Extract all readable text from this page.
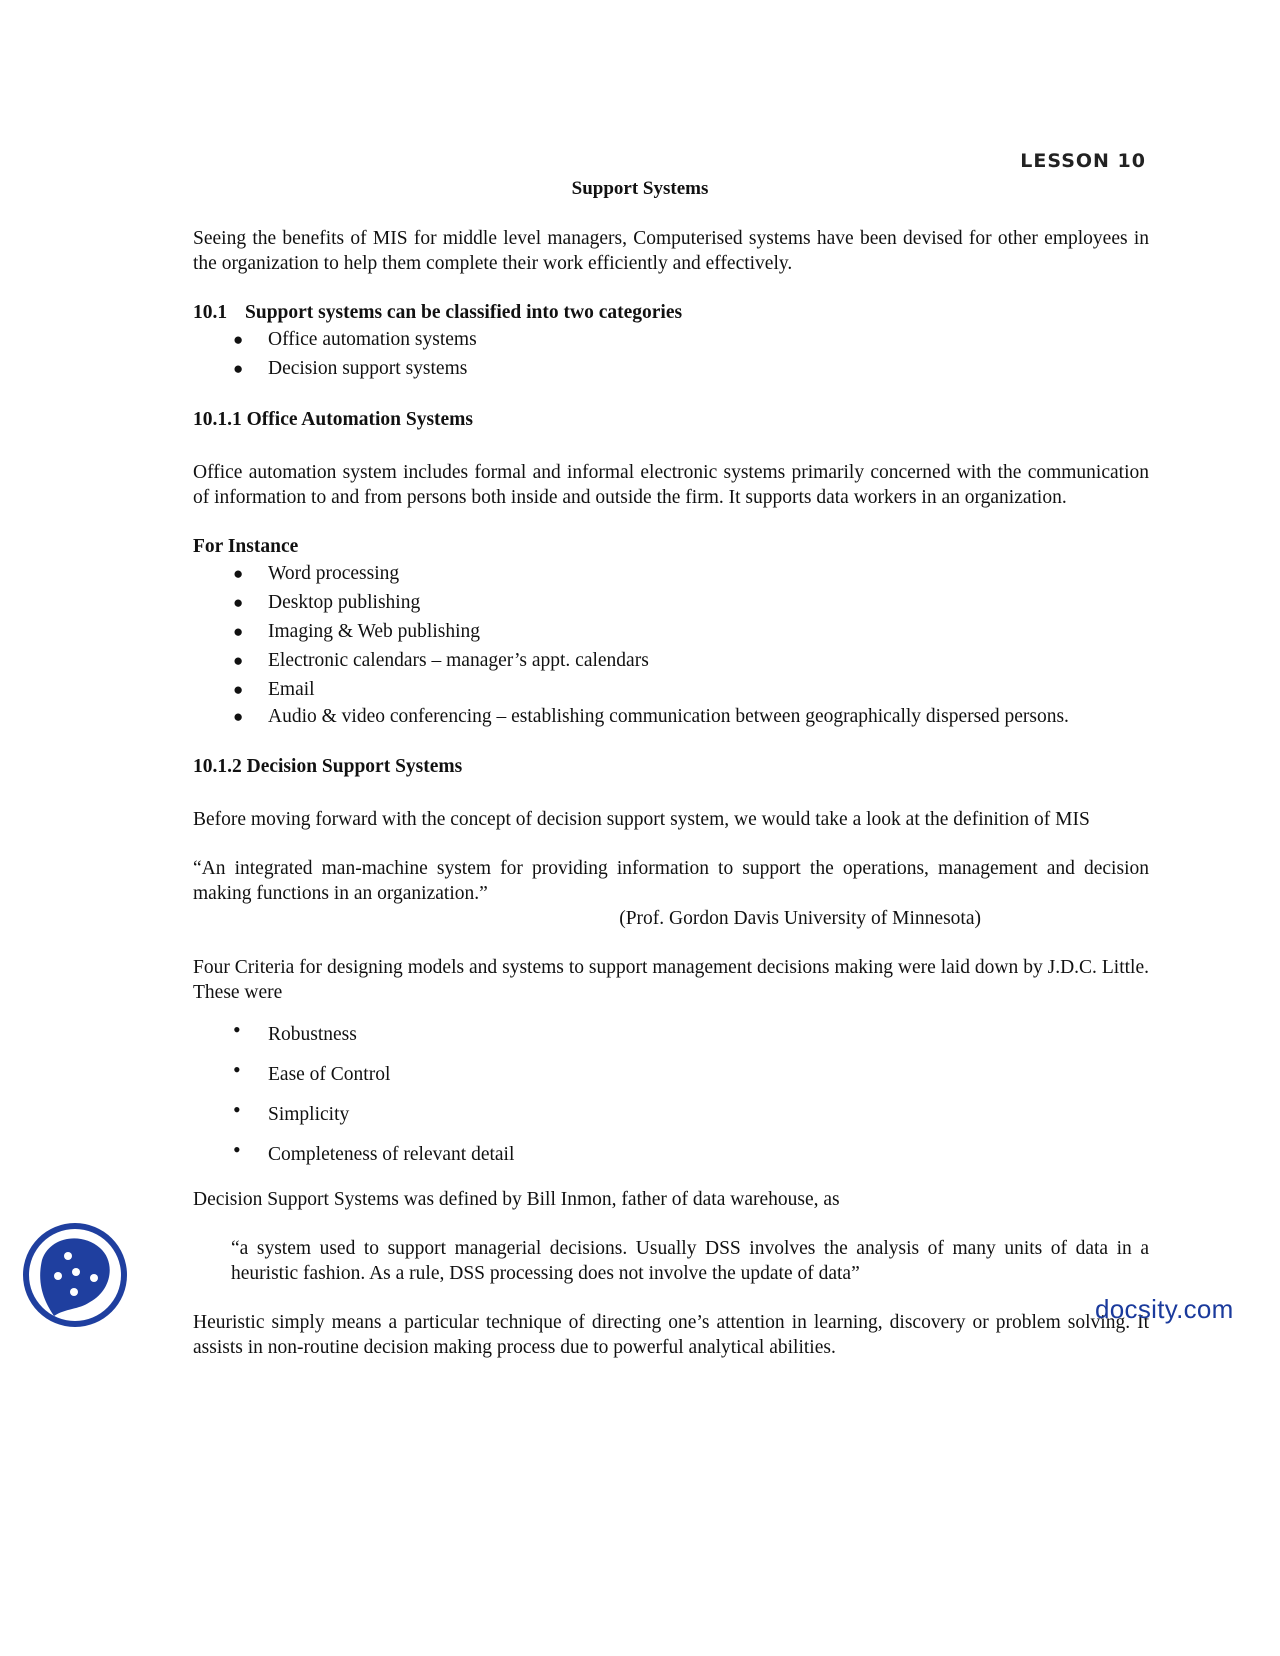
LESSON 10
Support Systems

Seeing the benefits of MIS for middle level managers, Computerised systems have been devised for other employees in the organization to help them complete their work efficiently and effectively.

10.1 Support systems can be classified into two categories

● Office automation systems
● Decision support systems

10.1.1 Office Automation Systems

Office automation system includes formal and informal electronic systems primarily concerned with the communication of information to and from persons both inside and outside the firm. It supports data workers in an organization.

For Instance

● Word processing
● Desktop publishing
● Imaging & Web publishing
● Electronic calendars – manager’s appt. calendars
● Email
● Audio & video conferencing – establishing communication between geographically dispersed persons.

10.1.2 Decision Support Systems

Before moving forward with the concept of decision support system, we would take a look at the definition of MIS

“An integrated man-machine system for providing information to support the operations, management and decision making functions in an organization.”

(Prof. Gordon Davis University of Minnesota)

Four Criteria for designing models and systems to support management decisions making were laid down by J.D.C. Little. These were

• Robustness
• Ease of Control
• Simplicity
• Completeness of relevant detail

Decision Support Systems was defined by Bill Inmon, father of data warehouse, as

“a system used to support managerial decisions. Usually DSS involves the analysis of many units of data in a heuristic fashion. As a rule, DSS processing does not involve the update of data”

Heuristic simply means a particular technique of directing one’s attention in learning, discovery or problem solving. It assists in non-routine decision making process due to powerful analytical abilities.

docsity.com
